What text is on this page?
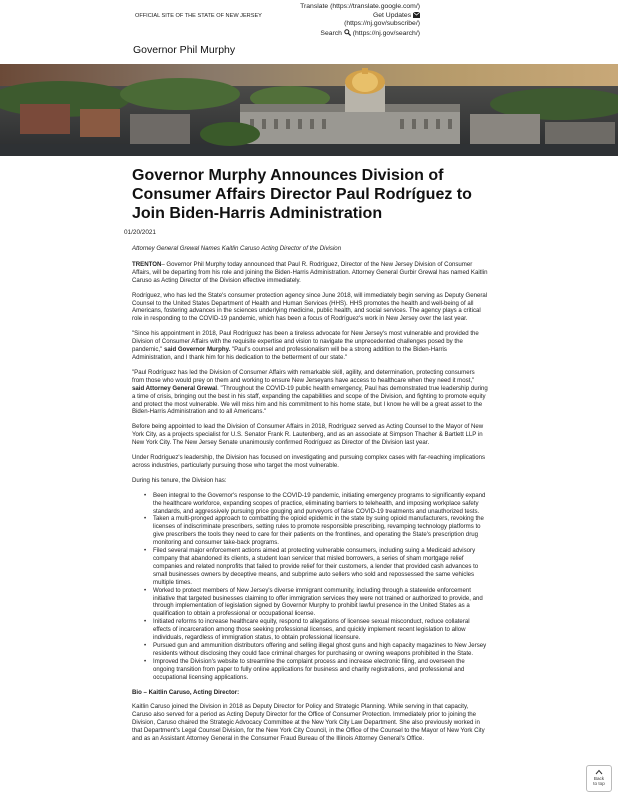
OFFICIAL SITE OF THE STATE OF NEW JERSEY
Translate (https://translate.google.com/)
Get Updates
(https://nj.gov/subscribe/)
Search (https://nj.gov/search/)
Governor Phil Murphy
Governor Murphy Announces Division of Consumer Affairs Director Paul Rodríguez to Join Biden-Harris Administration
01/20/2021

Attorney General Grewal Names Kaitlin Caruso Acting Director of the Division

TRENTON– Governor Phil Murphy today announced that Paul R. Rodríguez, Director of the New Jersey Division of Consumer Affairs, will be departing from his role and joining the Biden-Harris Administration. Attorney General Gurbir Grewal has named Kaitlin Caruso as Acting Director of the Division effective immediately.

Rodríguez, who has led the State's consumer protection agency since June 2018, will immediately begin serving as Deputy General Counsel to the United States Department of Health and Human Services (HHS). HHS promotes the health and well-being of all Americans, fostering advances in the sciences underlying medicine, public health, and social services. The agency plays a critical role in responding to the COVID-19 pandemic, which has been a focus of Rodríguez's work in New Jersey over the last year.

"Since his appointment in 2018, Paul Rodríguez has been a tireless advocate for New Jersey's most vulnerable and provided the Division of Consumer Affairs with the requisite expertise and vision to navigate the unprecedented challenges posed by the pandemic," said Governor Murphy. "Paul's counsel and professionalism will be a strong addition to the Biden-Harris Administration, and I thank him for his dedication to the betterment of our state."

"Paul Rodríguez has led the Division of Consumer Affairs with remarkable skill, agility, and determination, protecting consumers from those who would prey on them and working to ensure New Jerseyans have access to healthcare when they need it most," said Attorney General Grewal. "Throughout the COVID-19 public health emergency, Paul has demonstrated true leadership during a time of crisis, bringing out the best in his staff, expanding the capabilities and scope of the Division, and fighting to promote equity and protect the most vulnerable. We will miss him and his commitment to his home state, but I know he will be a great asset to the Biden-Harris Administration and to all Americans."

Before being appointed to lead the Division of Consumer Affairs in 2018, Rodríguez served as Acting Counsel to the Mayor of New York City, as a projects specialist for U.S. Senator Frank R. Lautenberg, and as an associate at Simpson Thacher & Bartlett LLP in New York City. The New Jersey Senate unanimously confirmed Rodríguez as Director of the Division last year.

Under Rodríguez's leadership, the Division has focused on investigating and pursuing complex cases with far-reaching implications across industries, particularly pursuing those who target the most vulnerable.

During his tenure, the Division has:

• Been integral to the Governor's response to the COVID-19 pandemic, initiating emergency programs to significantly expand the healthcare workforce, expanding scopes of practice, eliminating barriers to telehealth, and imposing workplace safety standards, and aggressively pursuing price gouging and purveyors of false COVID-19 treatments and unauthorized tests.
• Taken a multi-pronged approach to combatting the opioid epidemic in the state by suing opioid manufacturers, revoking the licenses of indiscriminate prescribers, setting rules to promote responsible prescribing, revamping technology platforms to give prescribers the tools they need to care for their patients on the frontlines, and operating the State's prescription drug monitoring and consumer take-back programs.
• Filed several major enforcement actions aimed at protecting vulnerable consumers, including suing a Medicaid advisory company that abandoned its clients, a student loan servicer that misled borrowers, a series of sham mortgage relief companies and related nonprofits that failed to provide relief for their customers, a lender that provided cash advances to small businesses owners by deceptive means, and subprime auto sellers who sold and repossessed the same vehicles multiple times.
• Worked to protect members of New Jersey's diverse immigrant community, including through a statewide enforcement initiative that targeted businesses claiming to offer immigration services they were not trained or authorized to provide, and through implementation of legislation signed by Governor Murphy to prohibit lawful presence in the United States as a qualification to obtain a professional or occupational license.
• Initiated reforms to increase healthcare equity, respond to allegations of licensee sexual misconduct, reduce collateral effects of incarceration among those seeking professional licenses, and quickly implement recent legislation to allow individuals, regardless of immigration status, to obtain professional licensure.
• Pursued gun and ammunition distributors offering and selling illegal ghost guns and high capacity magazines to New Jersey residents without disclosing they could face criminal charges for purchasing or owning weapons prohibited in the State.
• Improved the Division's website to streamline the complaint process and increase electronic filing, and overseen the ongoing transition from paper to fully online applications for business and charity registrations, and professional and occupational licensing applications.

Bio – Kaitlin Caruso, Acting Director:

Kaitlin Caruso joined the Division in 2018 as Deputy Director for Policy and Strategic Planning. While serving in that capacity, Caruso also served for a period as Acting Deputy Director for the Office of Consumer Protection. Immediately prior to joining the Division, Caruso chaired the Strategic Advocacy Committee at the New York City Law Department. She also previously worked in that Department's Legal Counsel Division, for the New York City Council, in the Office of the Counsel to the Mayor of New York City and as an Assistant Attorney General in the Consumer Fraud Bureau of the Illinois Attorney General's Office.

Back
to top
